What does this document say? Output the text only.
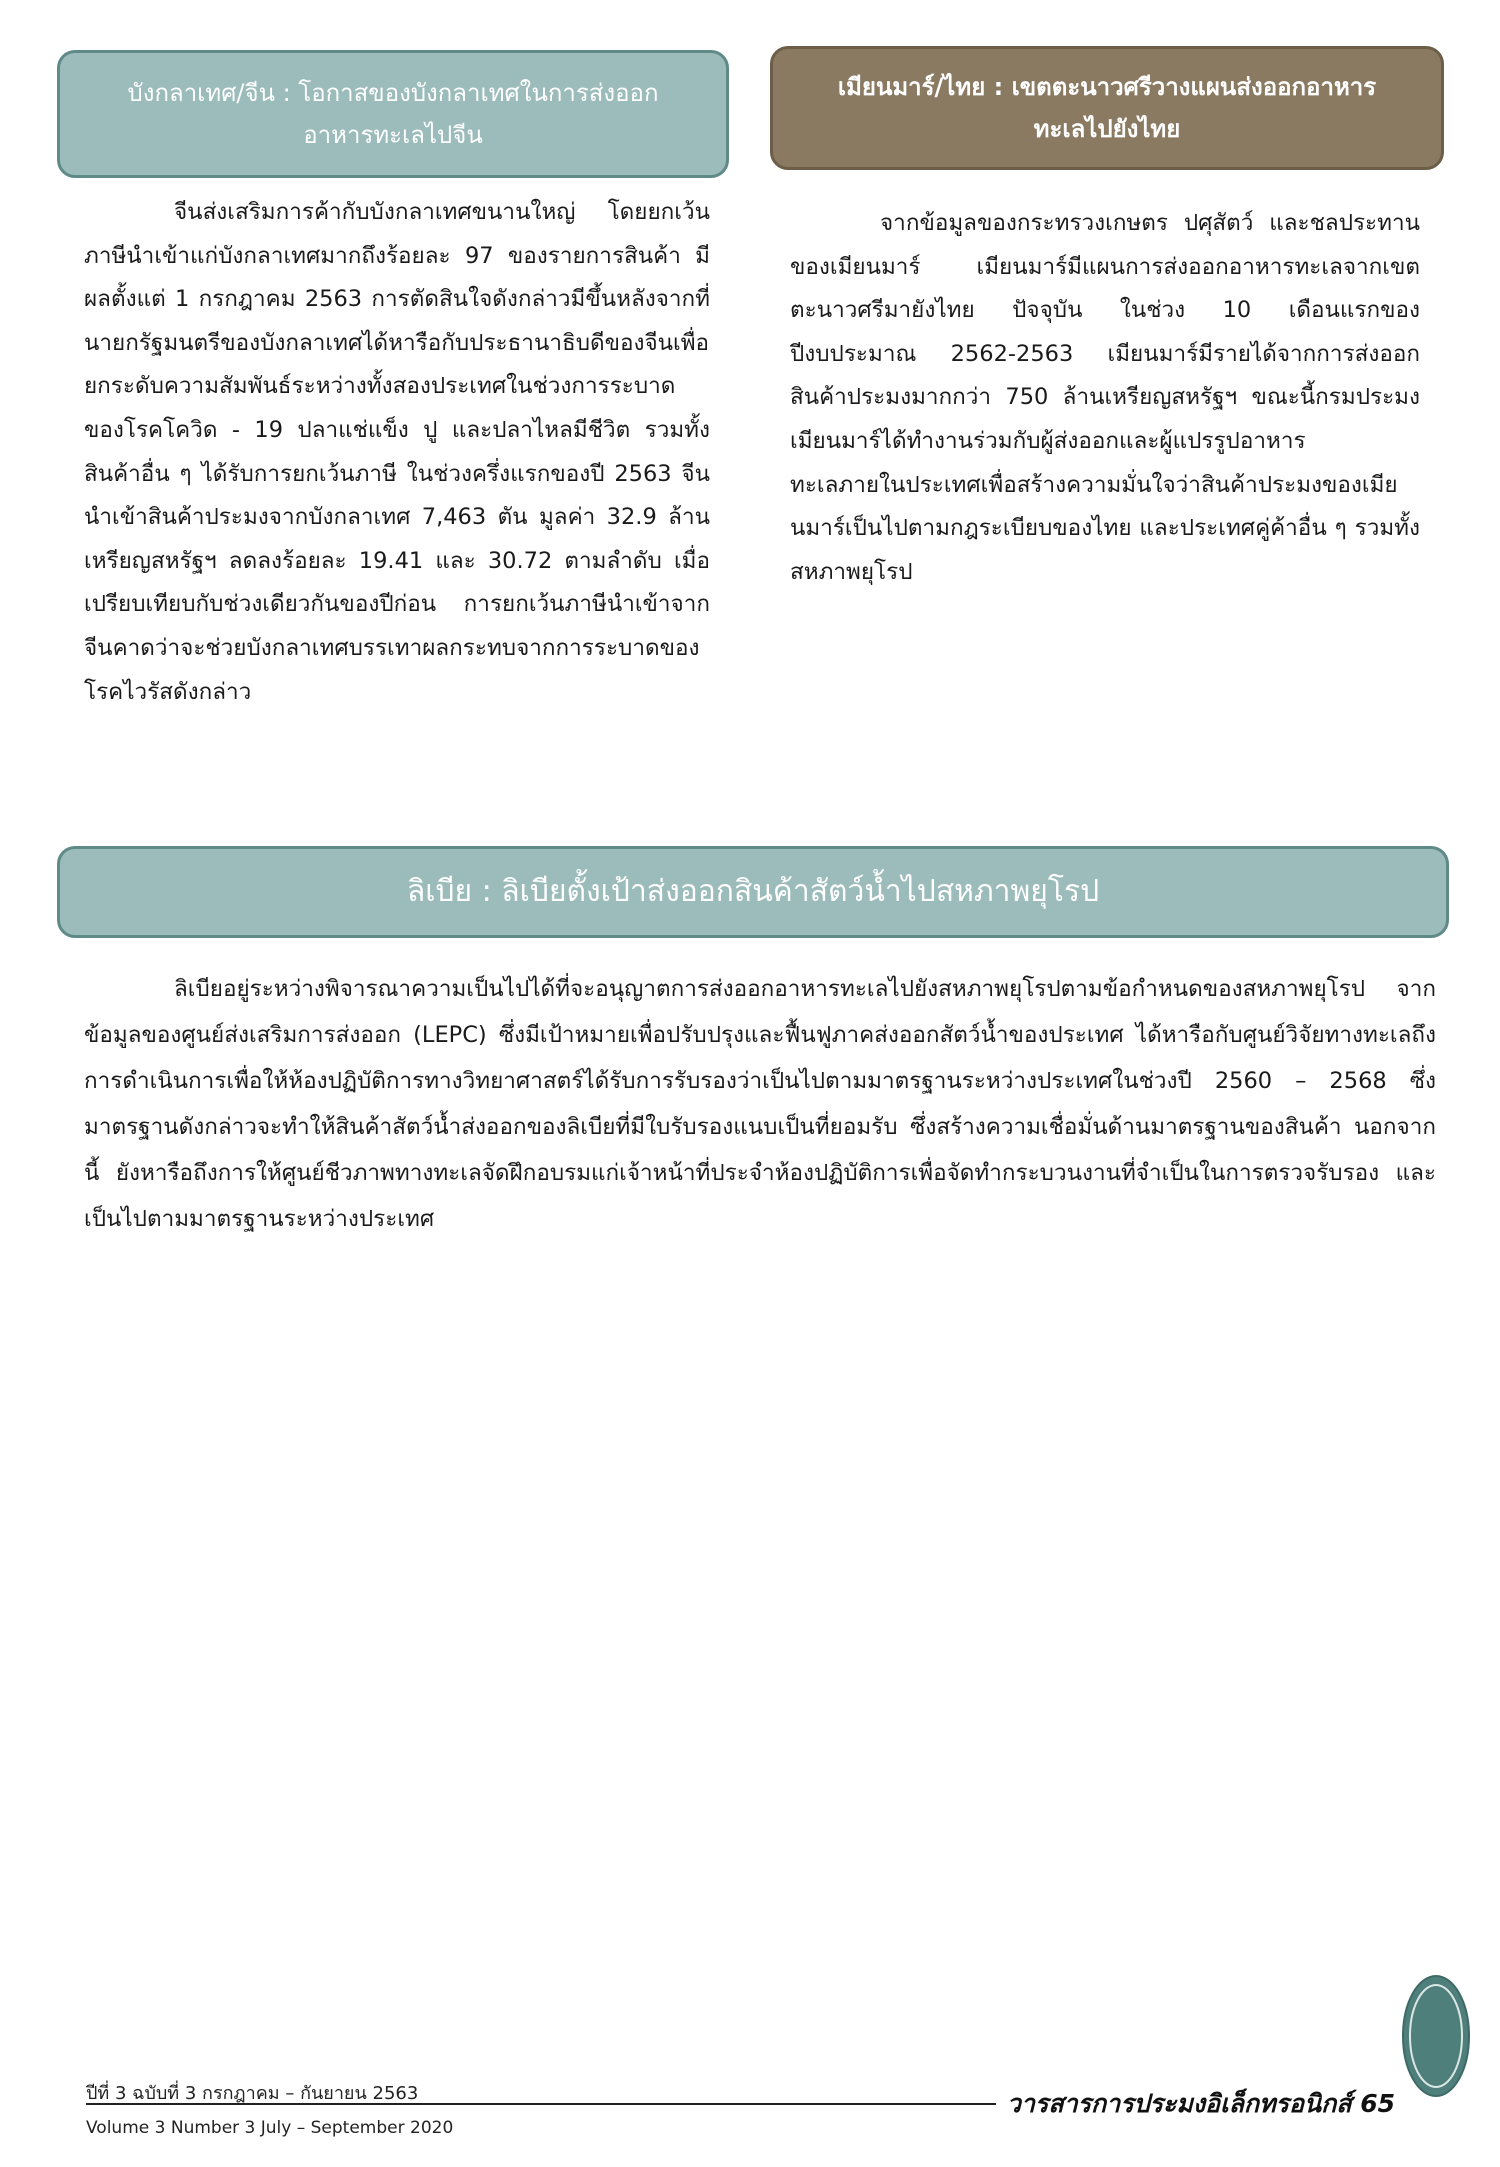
บังกลาเทศ/จีน : โอกาสของบังกลาเทศในการส่งออก
อาหารทะเลไปจีน
เมียนมาร์/ไทย : เขตตะนาวศรีวางแผนส่งออกอาหาร
ทะเลไปยังไทย

จีนส่งเสริมการค้ากับบังกลาเทศขนานใหญ่ โดยยกเว้นภาษีนำเข้าแก่บังกลาเทศมากถึงร้อยละ 97 ของรายการสินค้า มีผลตั้งแต่ 1 กรกฎาคม 2563 การตัดสินใจดังกล่าวมีขึ้นหลังจากที่ นายกรัฐมนตรีของบังกลาเทศได้หารือกับประธานาธิบดีของจีนเพื่อยกระดับความสัมพันธ์ระหว่างทั้งสองประเทศในช่วงการระบาดของโรคโควิด - 19 ปลาแช่แข็ง ปู และปลาไหลมีชีวิต รวมทั้งสินค้าอื่น ๆ ได้รับการยกเว้นภาษี ในช่วงครึ่งแรกของปี 2563 จีนนำเข้าสินค้าประมงจากบังกลาเทศ 7,463 ตัน มูลค่า 32.9 ล้านเหรียญสหรัฐฯ ลดลงร้อยละ 19.41 และ 30.72 ตามลำดับ เมื่อเปรียบเทียบกับช่วงเดียวกันของปีก่อน การยกเว้นภาษีนำเข้าจากจีนคาดว่าจะช่วยบังกลาเทศบรรเทาผลกระทบจากการระบาดของโรคไวรัสดังกล่าว

จากข้อมูลของกระทรวงเกษตร ปศุสัตว์ และชลประทานของเมียนมาร์ เมียนมาร์มีแผนการส่งออกอาหารทะเลจากเขตตะนาวศรีมายังไทย ปัจจุบัน ในช่วง 10 เดือนแรกของปีงบประมาณ 2562-2563 เมียนมาร์มีรายได้จากการส่งออกสินค้าประมงมากกว่า 750 ล้านเหรียญสหรัฐฯ ขณะนี้กรมประมงเมียนมาร์ได้ทำงานร่วมกับผู้ส่งออกและผู้แปรรูปอาหารทะเลภายในประเทศเพื่อสร้างความมั่นใจว่าสินค้าประมงของเมียนมาร์เป็นไปตามกฎระเบียบของไทย และประเทศคู่ค้าอื่น ๆ รวมทั้งสหภาพยุโรป

ลิเบีย : ลิเบียตั้งเป้าส่งออกสินค้าสัตว์น้ำไปสหภาพยุโรป

ลิเบียอยู่ระหว่างพิจารณาความเป็นไปได้ที่จะอนุญาตการส่งออกอาหารทะเลไปยังสหภาพยุโรปตามข้อกำหนดของสหภาพยุโรป จากข้อมูลของศูนย์ส่งเสริมการส่งออก (LEPC) ซึ่งมีเป้าหมายเพื่อปรับปรุงและฟื้นฟูภาคส่งออกสัตว์น้ำของประเทศ ได้หารือกับศูนย์วิจัยทางทะเลถึงการดำเนินการเพื่อให้ห้องปฏิบัติการทางวิทยาศาสตร์ได้รับการรับรองว่าเป็นไปตามมาตรฐานระหว่างประเทศในช่วงปี 2560 – 2568 ซึ่งมาตรฐานดังกล่าวจะทำให้สินค้าสัตว์น้ำส่งออกของลิเบียที่มีใบรับรองแนบเป็นที่ยอมรับ ซึ่งสร้างความเชื่อมั่นด้านมาตรฐานของสินค้า นอกจากนี้ ยังหารือถึงการให้ศูนย์ชีวภาพทางทะเลจัดฝึกอบรมแก่เจ้าหน้าที่ประจำห้องปฏิบัติการเพื่อจัดทำกระบวนงานที่จำเป็นในการตรวจรับรอง และเป็นไปตามมาตรฐานระหว่างประเทศ

ปีที่ 3 ฉบับที่ 3 กรกฎาคม – กันยายน 2563
Volume 3 Number 3 July – September 2020
วารสารการประมงอิเล็กทรอนิกส์ 65
